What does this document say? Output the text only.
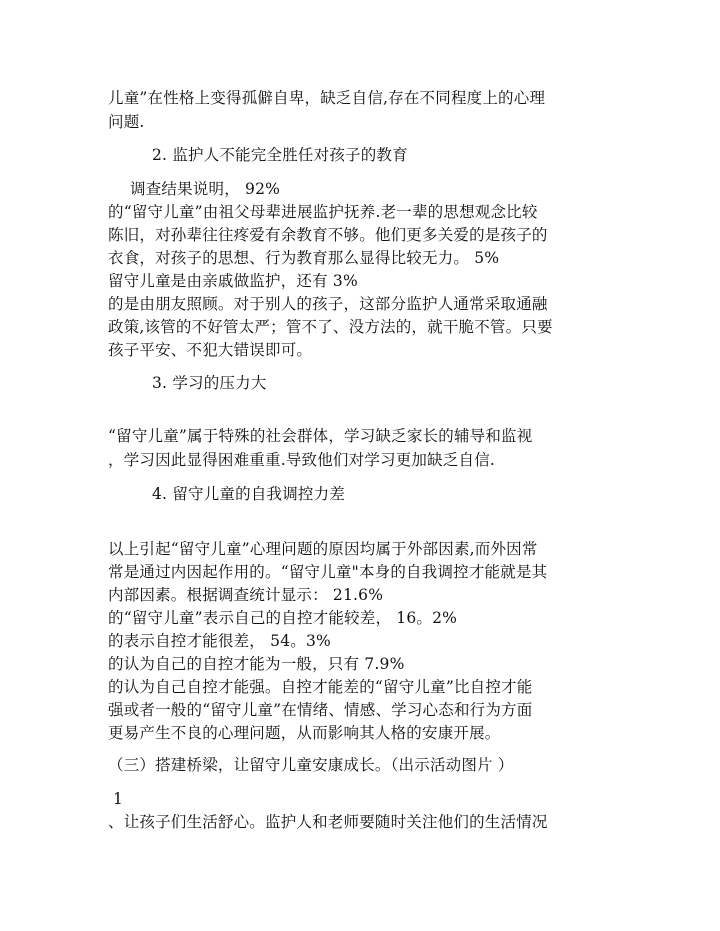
儿童”在性格上变得孤僻自卑，缺乏自信,存在不同程度上的心理
问题.
2. 监护人不能完全胜任对孩子的教育
调查结果说明， 92%
的“留守儿童”由祖父母辈进展监护抚养.老一辈的思想观念比较
陈旧，对孙辈往往疼爱有余教育不够。他们更多关爱的是孩子的
衣食，对孩子的思想、行为教育那么显得比较无力。 5%
留守儿童是由亲戚做监护，还有 3%
的是由朋友照顾。对于别人的孩子，这部分监护人通常采取通融
政策,该管的不好管太严；管不了、没方法的，就干脆不管。只要
孩子平安、不犯大错误即可。
3. 学习的压力大
“留守儿童”属于特殊的社会群体，学习缺乏家长的辅导和监视
，学习因此显得困难重重.导致他们对学习更加缺乏自信.
4. 留守儿童的自我调控力差
以上引起“留守儿童”心理问题的原因均属于外部因素,而外因常
常是通过内因起作用的。“留守儿童"本身的自我调控才能就是其
内部因素。根据调查统计显示： 21.6%
的“留守儿童”表示自己的自控才能较差， 16。2%
的表示自控才能很差， 54。3%
的认为自己的自控才能为一般，只有 7.9%
的认为自己自控才能强。自控才能差的“留守儿童”比自控才能
强或者一般的“留守儿童”在情绪、情感、学习心态和行为方面
更易产生不良的心理问题，从而影响其人格的安康开展。
（三）搭建桥梁，让留守儿童安康成长。（出示活动图片 ）
1
、让孩子们生活舒心。监护人和老师要随时关注他们的生活情况
